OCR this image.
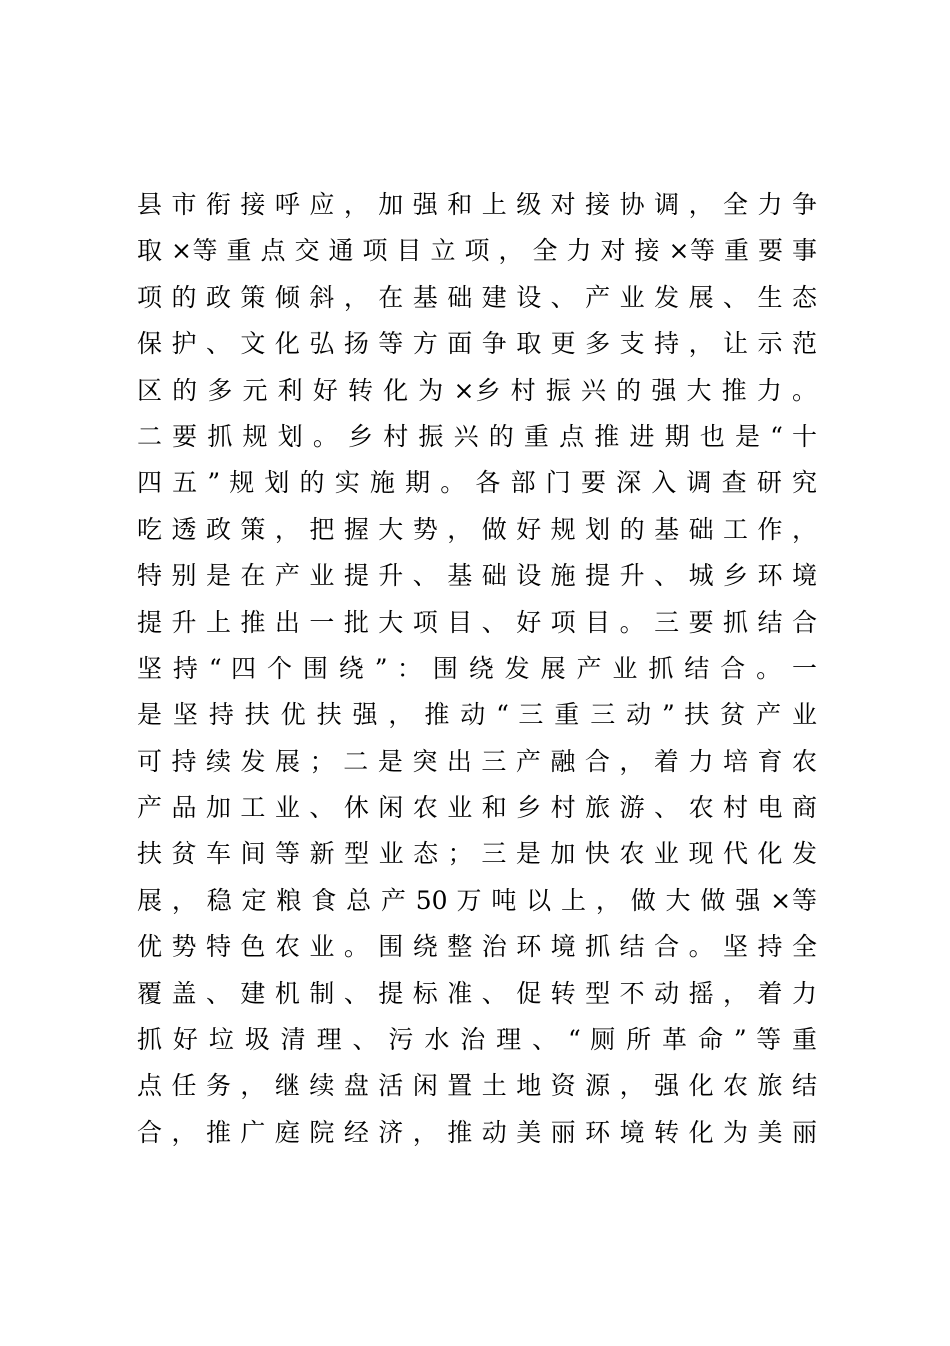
县 市 衔 接 呼 应 ， 加 强 和 上 级 对 接 协 调 ， 全 力 争
取 ×等 重 点 交 通 项 目 立 项 ， 全 力 对 接 ×等 重 要 事
项 的 政 策 倾 斜 ， 在 基 础 建 设 、 产 业 发 展 、 生 态
保 护 、 文 化 弘 扬 等 方 面 争 取 更 多 支 持 ， 让 示 范
区 的 多 元 利 好 转 化 为 ×乡 村 振 兴 的 强 大 推 力 。
二 要 抓 规 划 。 乡 村 振 兴 的 重 点 推 进 期 也 是 “ 十
四 五 ” 规 划 的 实 施 期 。 各 部 门 要 深 入 调 查 研 究
吃 透 政 策 ， 把 握 大 势 ， 做 好 规 划 的 基 础 工 作 ，
特 别 是 在 产 业 提 升 、 基 础 设 施 提 升 、 城 乡 环 境
提 升 上 推 出 一 批 大 项 目 、 好 项 目 。 三 要 抓 结 合
坚 持 “ 四 个 围 绕 ” ： 围 绕 发 展 产 业 抓 结 合 。 一
是 坚 持 扶 优 扶 强 ， 推 动 “ 三 重 三 动 ” 扶 贫 产 业
可 持 续 发 展 ； 二 是 突 出 三 产 融 合 ， 着 力 培 育 农
产 品 加 工 业 、 休 闲 农 业 和 乡 村 旅 游 、 农 村 电 商
扶 贫 车 间 等 新 型 业 态 ； 三 是 加 快 农 业 现 代 化 发
展 ， 稳 定 粮 食 总 产 50 万 吨 以 上 ， 做 大 做 强 ×等
优 势 特 色 农 业 。 围 绕 整 治 环 境 抓 结 合 。 坚 持 全
覆 盖 、 建 机 制 、 提 标 准 、 促 转 型 不 动 摇 ， 着 力
抓 好 垃 圾 清 理 、 污 水 治 理 、 “ 厕 所 革 命 ” 等 重
点 任 务 ， 继 续 盘 活 闲 置 土 地 资 源 ， 强 化 农 旅 结
合 ， 推 广 庭 院 经 济 ， 推 动 美 丽 环 境 转 化 为 美 丽
